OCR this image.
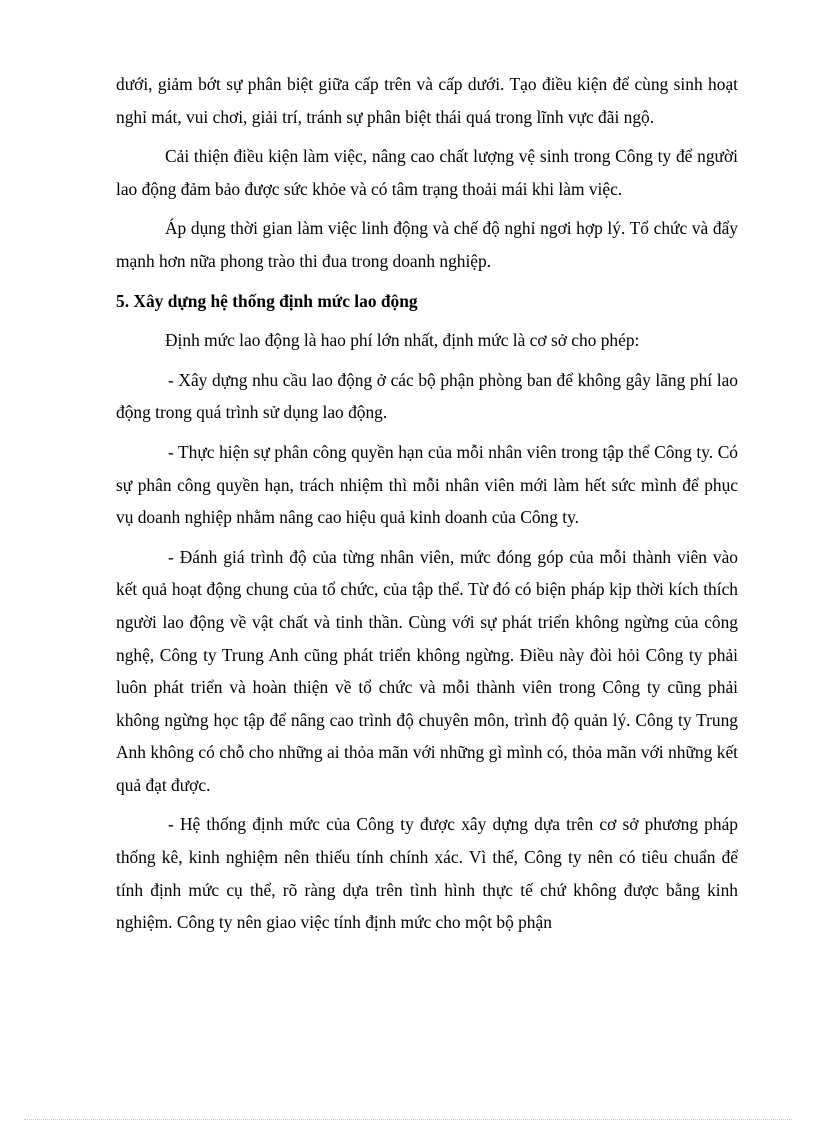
dưới, giảm bớt sự phân biệt giữa cấp trên và cấp dưới. Tạo điều kiện để cùng sinh hoạt nghỉ mát, vui chơi, giải trí, tránh sự phân biệt thái quá trong lĩnh vực đãi ngộ.

Cải thiện điều kiện làm việc, nâng cao chất lượng vệ sinh trong Công ty để người lao động đảm bảo được sức khỏe và có tâm trạng thoải mái khi làm việc.

Áp dụng thời gian làm việc linh động và chế độ nghỉ ngơi hợp lý. Tổ chức và đẩy mạnh hơn nữa phong trào thi đua trong doanh nghiệp.

5. Xây dựng hệ thống định mức lao động

Định mức lao động là hao phí lớn nhất, định mức là cơ sở cho phép:

- Xây dựng nhu cầu lao động ở các bộ phận phòng ban để không gây lãng phí lao động trong quá trình sử dụng lao động.

- Thực hiện sự phân công quyền hạn của mỗi nhân viên trong tập thể Công ty. Có sự phân công quyền hạn, trách nhiệm thì mỗi nhân viên mới làm hết sức mình để phục vụ doanh nghiệp nhằm nâng cao hiệu quả kinh doanh của Công ty.

- Đánh giá trình độ của từng nhân viên, mức đóng góp của mỗi thành viên vào kết quả hoạt động chung của tổ chức, của tập thể. Từ đó có biện pháp kịp thời kích thích người lao động về vật chất và tinh thần. Cùng với sự phát triển không ngừng của công nghệ, Công ty Trung Anh cũng phát triển không ngừng. Điều này đòi hỏi Công ty phải luôn phát triển và hoàn thiện về tổ chức và mỗi thành viên trong Công ty cũng phải không ngừng học tập để nâng cao trình độ chuyên môn, trình độ quản lý. Công ty Trung Anh không có chỗ cho những ai thỏa mãn với những gì mình có, thỏa mãn với những kết quả đạt được.

- Hệ thống định mức của Công ty được xây dựng dựa trên cơ sở phương pháp thống kê, kinh nghiệm nên thiếu tính chính xác. Vì thế, Công ty nên có tiêu chuẩn để tính định mức cụ thể, rõ ràng dựa trên tình hình thực tế chứ không được bằng kinh nghiệm. Công ty nên giao việc tính định mức cho một bộ phận
